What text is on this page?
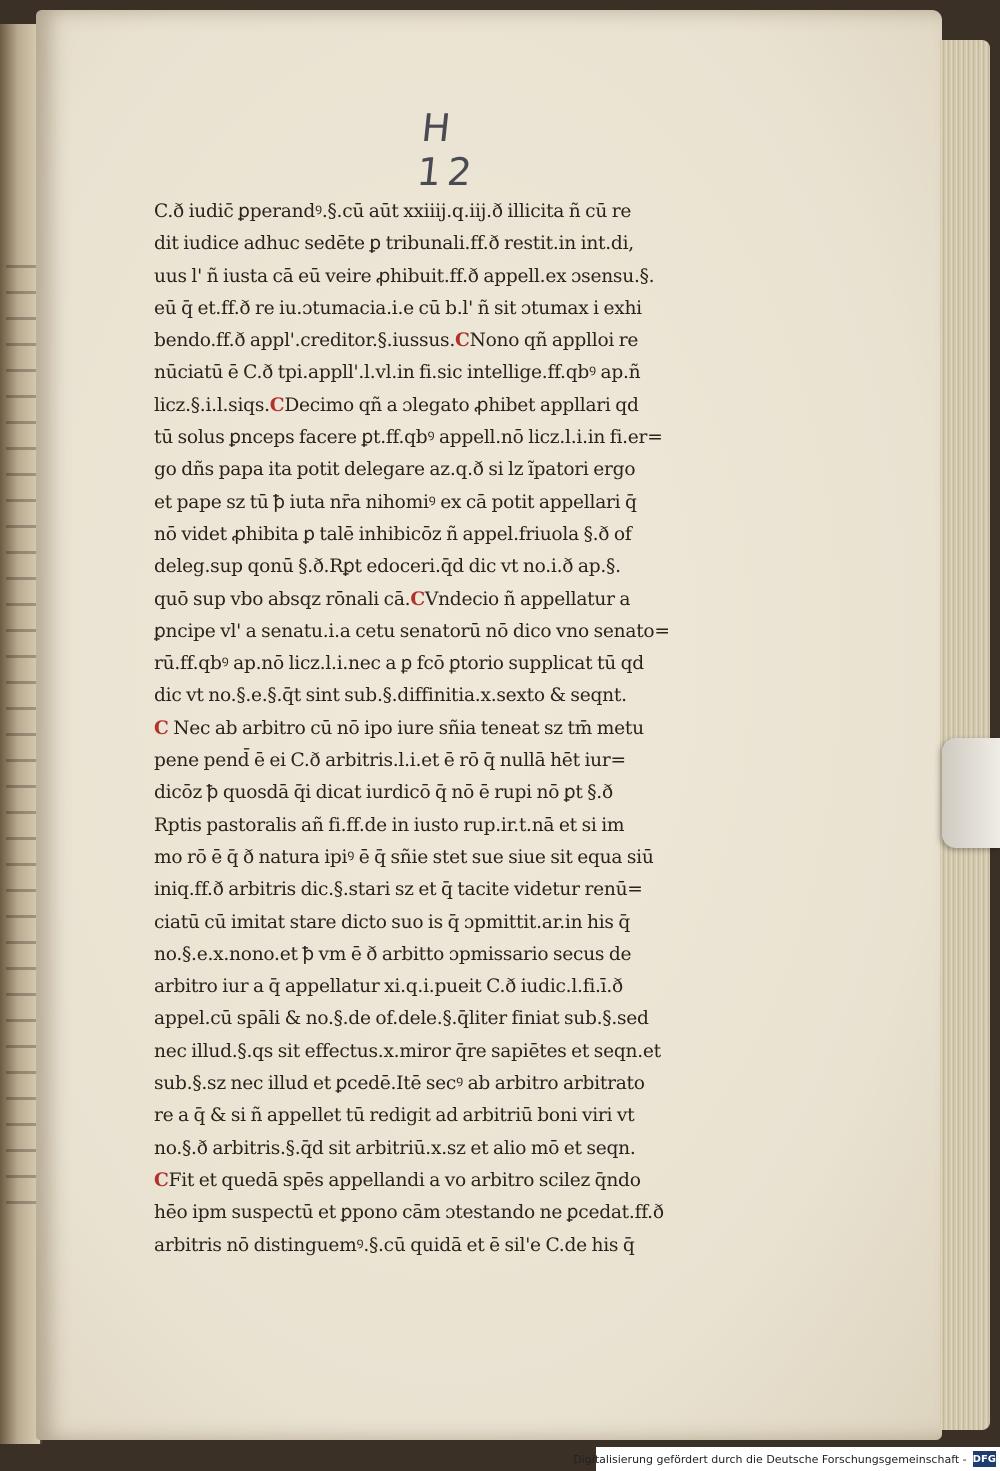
H 12
C.ð iudic̄ ꝑperandꝰ.§.cū aūt xxiiij.q.iij.ð illicita ñ cū re
dit iudice adhuc sedēte ꝑ tribunali.ff.ð restit.in int.di,
uus l' ñ iusta cā eū veire ꝓhibuit.ff.ð appell.ex ɔsensu.§.
eū q̄ et.ff.ð re iu.ɔtumacia.i.e cū b.l' ñ sit ɔtumax i exhi
bendo.ff.ð appl'.creditor.§.iussus.CNono qñ applloi re
nūciatū ē C.ð tpi.appll'.l.vl.in fi.sic intellige.ff.qbꝰ ap.ñ
licz.§.i.l.siqs.CDecimo qñ a ɔlegato ꝓhibet appllari qd
tū solus ꝑnceps facere ꝑt.ff.qbꝰ appell.nō licz.l.i.in fi.er=
go dñs papa ita potit delegare az.q.ð si lz ĩpatori ergo
et pape sz tū ꝥ iuta nr̄a nihomiꝰ ex cā potit appellari q̄
nō videt ꝓhibita ꝑ talē inhibicōz ñ appel.friuola §.ð of
deleg.sup qonū §.ð.Rꝑt edoceri.q̄d dic vt no.i.ð ap.§.
quō sup vbo absqz rōnali cā.CVndecio ñ appellatur a
ꝑncipe vl' a senatu.i.a cetu senatorū nō dico vno senato=
rū.ff.qbꝰ ap.nō licz.l.i.nec a ꝑ fcō ꝑtorio supplicat tū qd
dic vt no.§.e.§.q̄t sint sub.§.diffinitia.x.sexto & seqnt.
C Nec ab arbitro cū nō ipo iure sñia teneat sz tm̄ metu
pene pend̄ ē ei C.ð arbitris.l.i.et ē rō q̄ nullā hēt iur=
dicōz ꝥ quosdā q̄i dicat iurdicō q̄ nō ē rupi nō ꝑt §.ð
Rptis pastoralis añ fi.ff.de in iusto rup.ir.t.nā et si im
mo rō ē q̄ ð natura ipiꝰ ē q̄ sñie stet sue siue sit equa siū
iniq.ff.ð arbitris dic.§.stari sz et q̄ tacite videtur renū=
ciatū cū imitat stare dicto suo is q̄ ɔpmittit.ar.in his q̄
no.§.e.x.nono.et ꝥ vm ē ð arbitto ɔpmissario secus de
arbitro iur a q̄ appellatur xi.q.i.pueit C.ð iudic.l.fi.ī.ð
appel.cū spāli & no.§.de of.dele.§.q̄liter finiat sub.§.sed
nec illud.§.qs sit effectus.x.miror q̄re sapiētes et seqn.et
sub.§.sz nec illud et ꝑcedē.Itē secꝰ ab arbitro arbitrato
re a q̄ & si ñ appellet tū redigit ad arbitriū boni viri vt
no.§.ð arbitris.§.q̄d sit arbitriū.x.sz et alio mō et seqn.
CFit et quedā spēs appellandi a vo arbitro scilez q̄ndo
hēo ipm suspectū et ꝑpono cām ɔtestando ne ꝑcedat.ff.ð
arbitris nō distinguemꝰ.§.cū quidā et ē sil'e C.de his q̄
Digitalisierung gefördert durch die Deutsche Forschungsgemeinschaft - DFG
